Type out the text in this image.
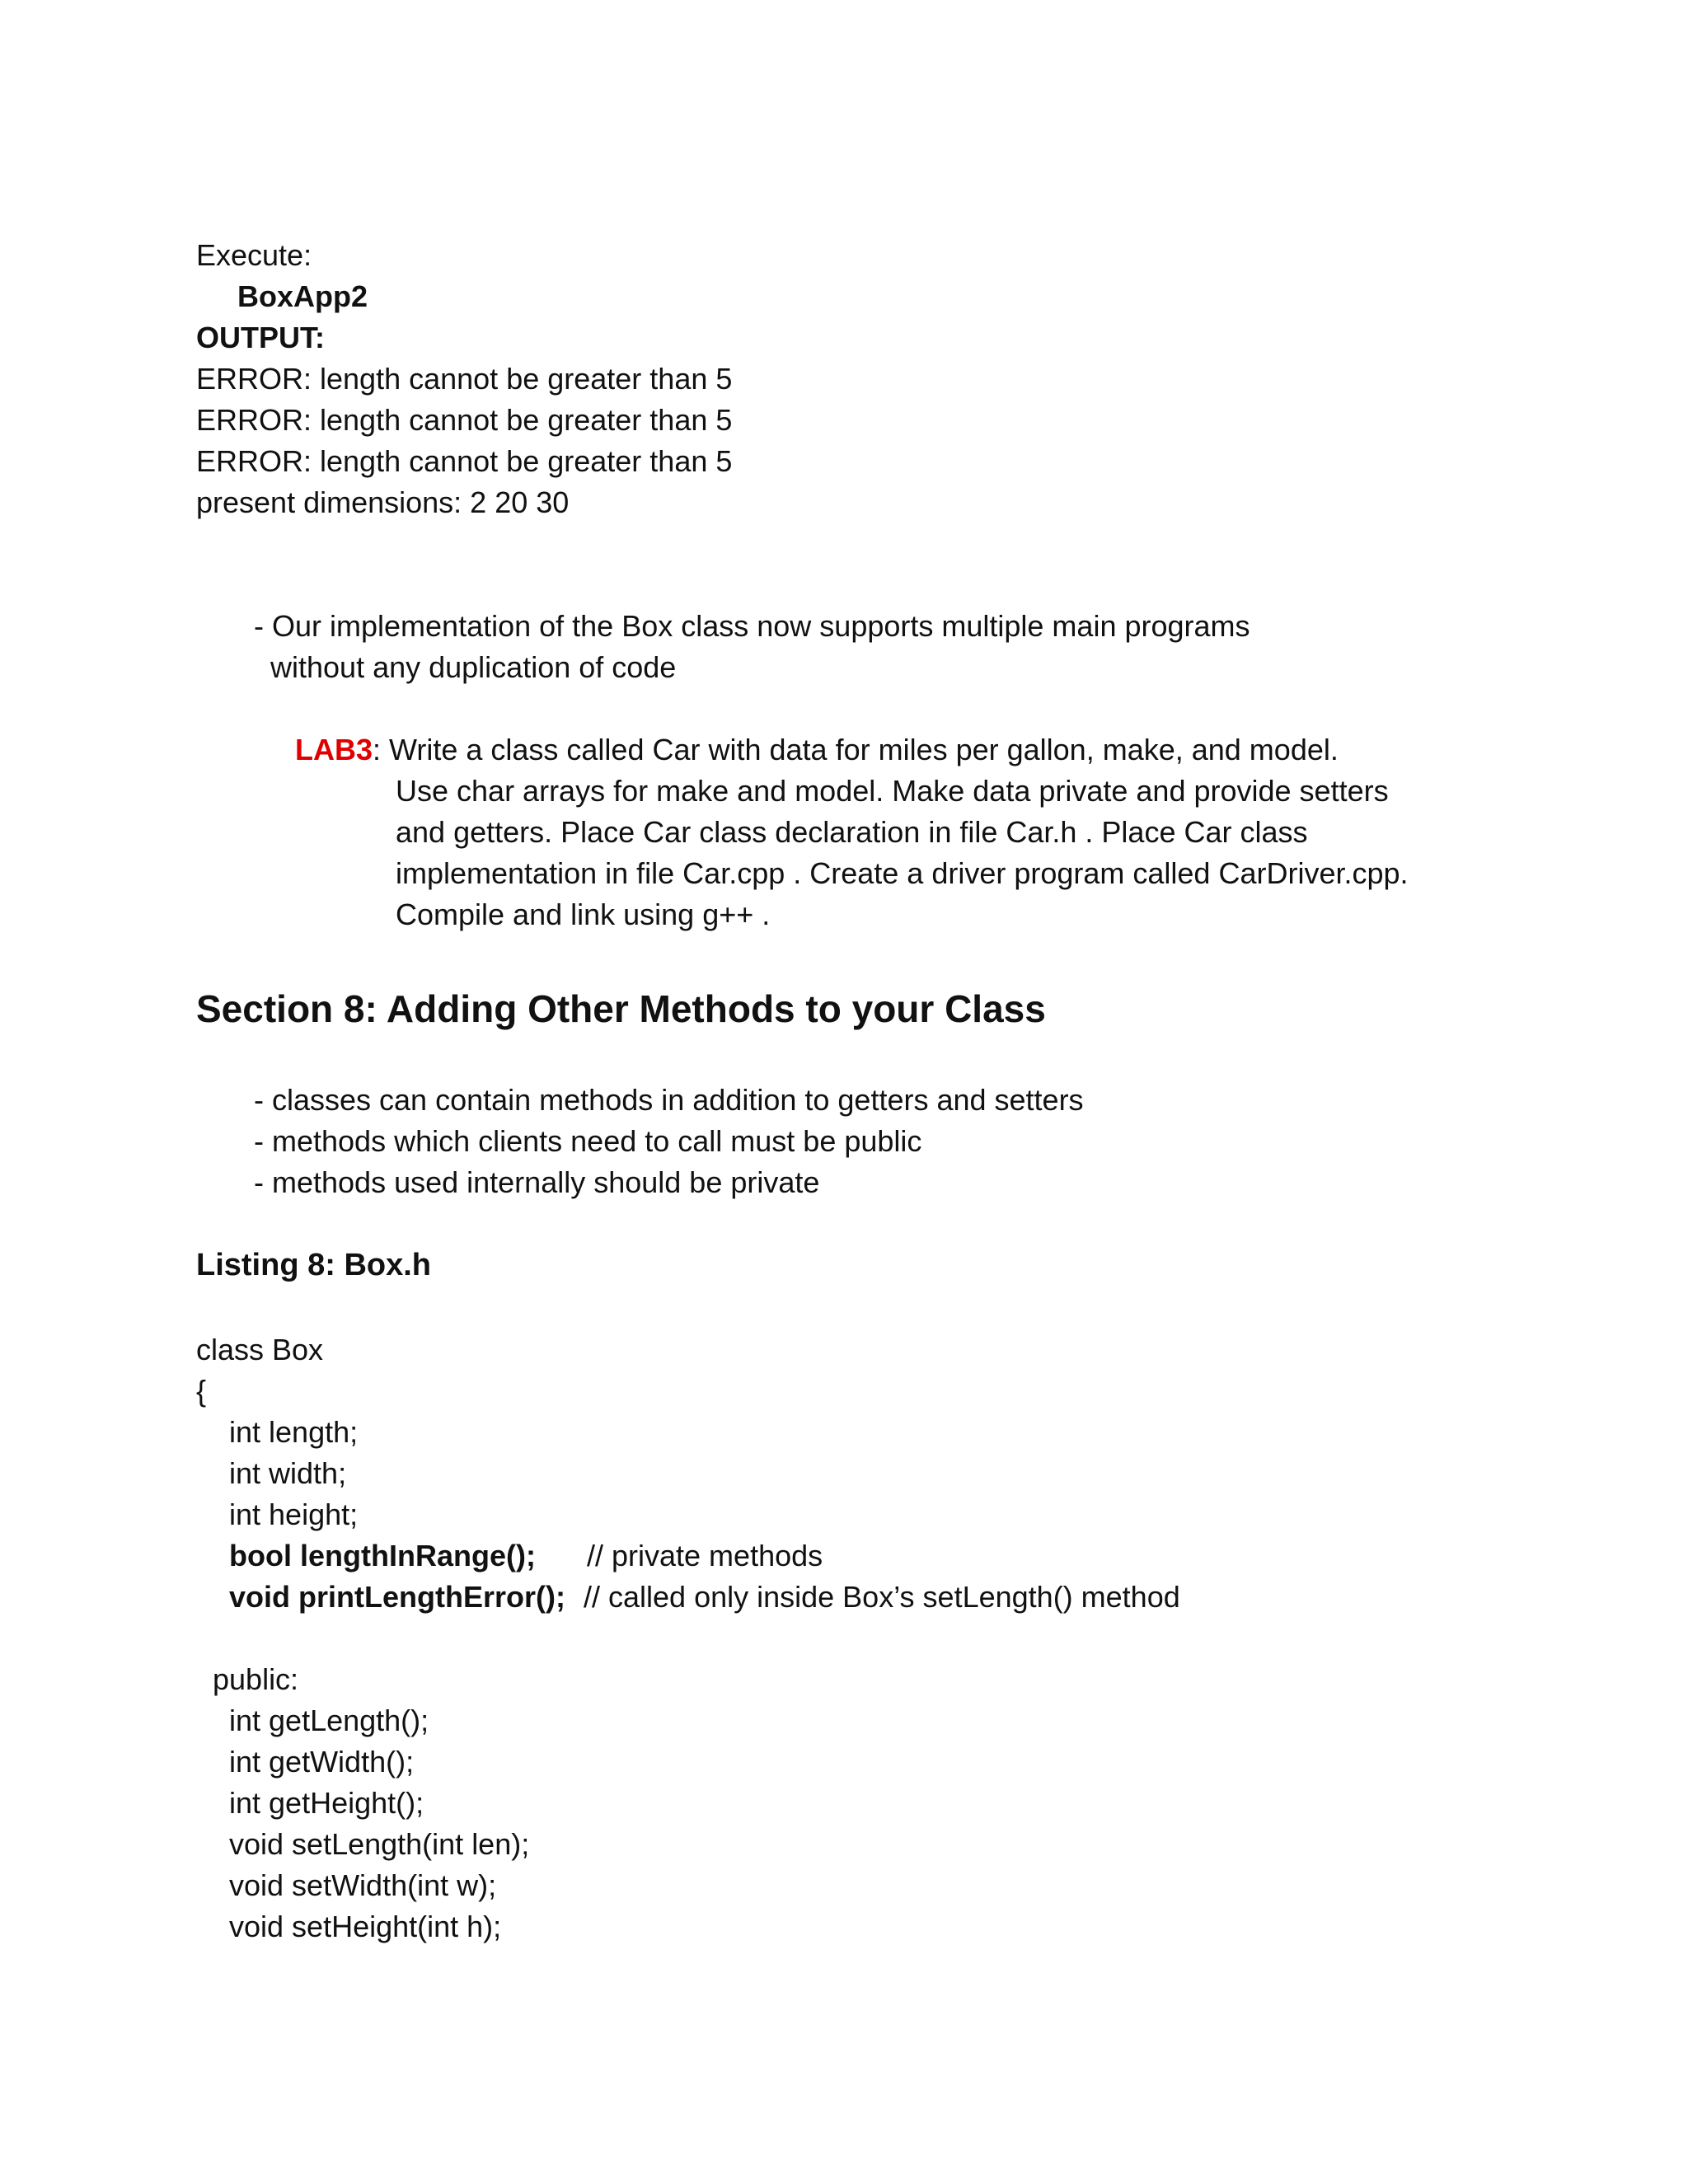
Execute:

BoxApp2

OUTPUT:

ERROR: length cannot be greater than 5

ERROR: length cannot be greater than 5

ERROR: length cannot be greater than 5

present dimensions: 2 20 30

- Our implementation of the Box class now supports multiple main programs

without any duplication of code

LAB3: Write a class called Car with data for miles per gallon, make, and model.

Use char arrays for make and model. Make data private and provide setters

and getters. Place Car class declaration in file Car.h . Place Car class

implementation in file Car.cpp . Create a driver program called CarDriver.cpp.

Compile and link using g++ .

Section 8: Adding Other Methods to your Class

- classes can contain methods in addition to getters and setters

- methods which clients need to call must be public

- methods used internally should be private

Listing 8: Box.h

class Box

{

int length;

int width;

int height;

bool lengthInRange(); // private methods

void printLengthError(); // called only inside Box’s setLength() method

public:

int getLength();

int getWidth();

int getHeight();

void setLength(int len);

void setWidth(int w);

void setHeight(int h);
